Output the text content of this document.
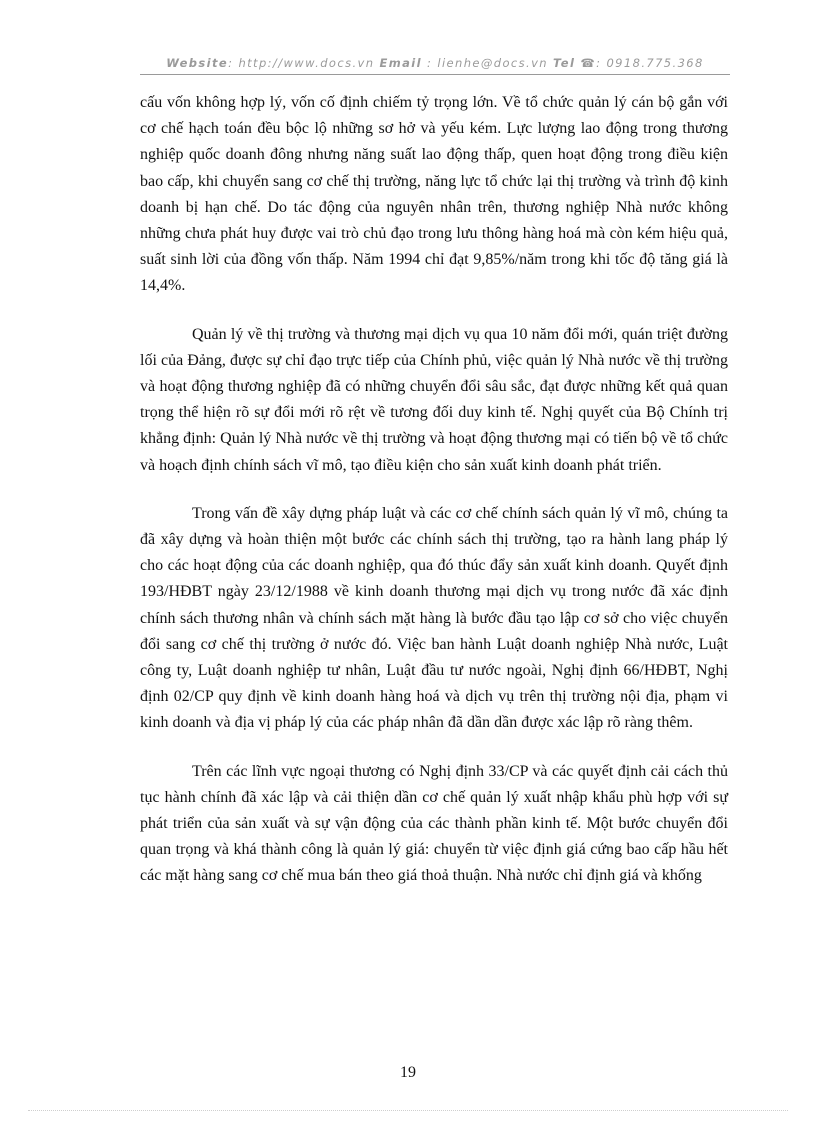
Website: http://www.docs.vn Email : lienhe@docs.vn Tel ☎: 0918.775.368

cấu vốn không hợp lý, vốn cố định chiếm tỷ trọng lớn. Về tổ chức quản lý cán bộ gắn với cơ chế hạch toán đều bộc lộ những sơ hở và yếu kém. Lực lượng lao động trong thương nghiệp quốc doanh đông nhưng năng suất lao động thấp, quen hoạt động trong điều kiện bao cấp, khi chuyển sang cơ chế thị trường, năng lực tổ chức lại thị trường và trình độ kinh doanh bị hạn chế. Do tác động của nguyên nhân trên, thương nghiệp Nhà nước không những chưa phát huy được vai trò chủ đạo trong lưu thông hàng hoá mà còn kém hiệu quả, suất sinh lời của đồng vốn thấp. Năm 1994 chỉ đạt 9,85%/năm trong khi tốc độ tăng giá là 14,4%.

Quản lý về thị trường và thương mại dịch vụ qua 10 năm đổi mới, quán triệt đường lối của Đảng, được sự chỉ đạo trực tiếp của Chính phủ, việc quản lý Nhà nước về thị trường và hoạt động thương nghiệp đã có những chuyển đổi sâu sắc, đạt được những kết quả quan trọng thể hiện rõ sự đổi mới rõ rệt về tương đối duy kinh tế. Nghị quyết của Bộ Chính trị khẳng định: Quản lý Nhà nước về thị trường và hoạt động thương mại có tiến bộ về tổ chức và hoạch định chính sách vĩ mô, tạo điều kiện cho sản xuất kinh doanh phát triển.

Trong vấn đề xây dựng pháp luật và các cơ chế chính sách quản lý vĩ mô, chúng ta đã xây dựng và hoàn thiện một bước các chính sách thị trường, tạo ra hành lang pháp lý cho các hoạt động của các doanh nghiệp, qua đó thúc đẩy sản xuất kinh doanh. Quyết định 193/HĐBT ngày 23/12/1988 về kinh doanh thương mại dịch vụ trong nước đã xác định chính sách thương nhân và chính sách mặt hàng là bước đầu tạo lập cơ sở cho việc chuyển đổi sang cơ chế thị trường ở nước đó. Việc ban hành Luật doanh nghiệp Nhà nước, Luật công ty, Luật doanh nghiệp tư nhân, Luật đầu tư nước ngoài, Nghị định 66/HĐBT, Nghị định 02/CP quy định về kinh doanh hàng hoá và dịch vụ trên thị trường nội địa, phạm vi kinh doanh và địa vị pháp lý của các pháp nhân đã dần dần được xác lập rõ ràng thêm.

Trên các lĩnh vực ngoại thương có Nghị định 33/CP và các quyết định cải cách thủ tục hành chính đã xác lập và cải thiện dần cơ chế quản lý xuất nhập khẩu phù hợp với sự phát triển của sản xuất và sự vận động của các thành phần kinh tế. Một bước chuyển đổi quan trọng và khá thành công là quản lý giá: chuyển từ việc định giá cứng bao cấp hầu hết các mặt hàng sang cơ chế mua bán theo giá thoả thuận. Nhà nước chỉ định giá và khống

19
